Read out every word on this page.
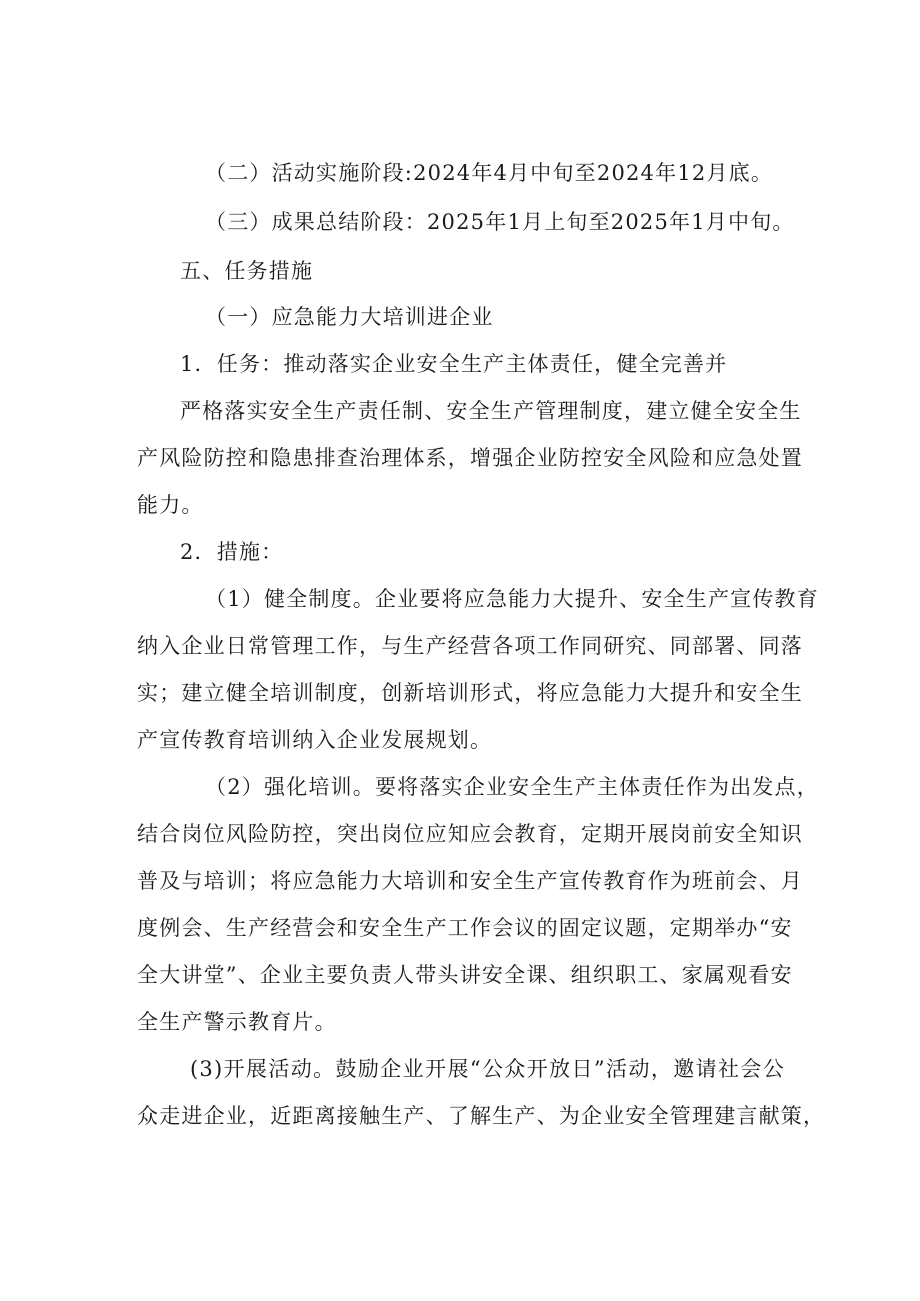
（二）活动实施阶段:2024年4月中旬至2024年12月底。
（三）成果总结阶段：2025年1月上旬至2025年1月中旬。
五、任务措施
（一）应急能力大培训进企业
1．任务：推动落实企业安全生产主体责任，健全完善并
严格落实安全生产责任制、安全生产管理制度，建立健全安全生
产风险防控和隐患排查治理体系，增强企业防控安全风险和应急处置
能力。
2．措施：
（1）健全制度。企业要将应急能力大提升、安全生产宣传教育
纳入企业日常管理工作，与生产经营各项工作同研究、同部署、同落
实；建立健全培训制度，创新培训形式，将应急能力大提升和安全生
产宣传教育培训纳入企业发展规划。
（2）强化培训。要将落实企业安全生产主体责任作为出发点，
结合岗位风险防控，突出岗位应知应会教育，定期开展岗前安全知识
普及与培训；将应急能力大培训和安全生产宣传教育作为班前会、月
度例会、生产经营会和安全生产工作会议的固定议题，定期举办“安
全大讲堂”、企业主要负责人带头讲安全课、组织职工、家属观看安
全生产警示教育片。
(3)开展活动。鼓励企业开展“公众开放日”活动，邀请社会公
众走进企业，近距离接触生产、了解生产、为企业安全管理建言献策，
